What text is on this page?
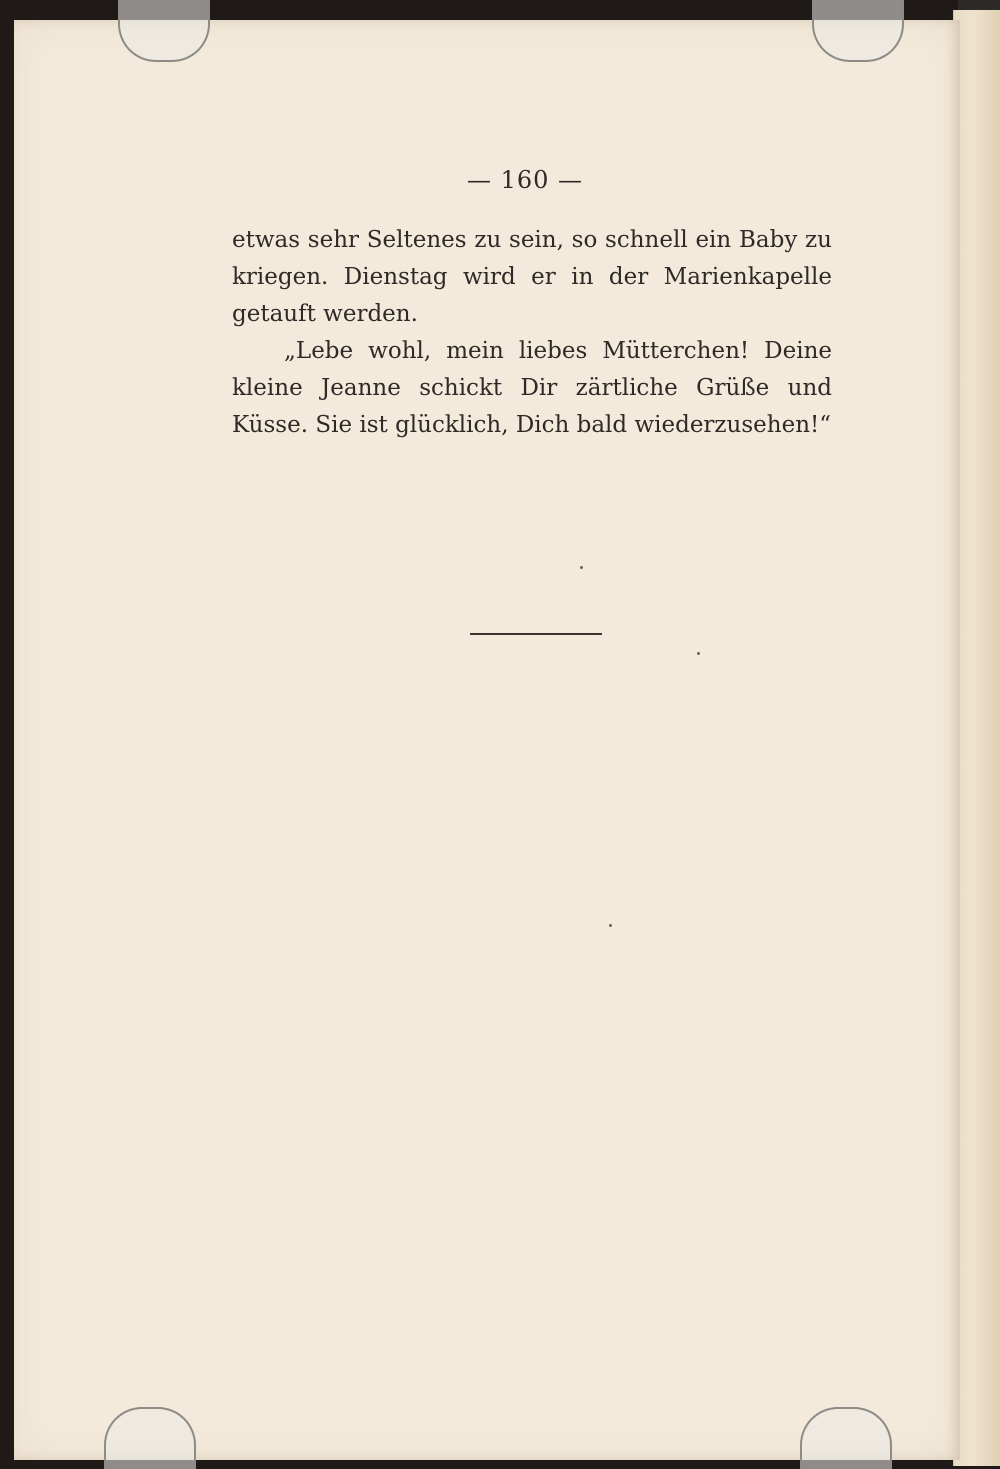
— 160 —

etwas sehr Seltenes zu sein, so schnell ein Baby zu kriegen. Dienstag wird er in der Marienkapelle getauft werden.

„Lebe wohl, mein liebes Mütterchen! Deine kleine Jeanne schickt Dir zärtliche Grüße und Küsse. Sie ist glücklich, Dich bald wiederzusehen!“
